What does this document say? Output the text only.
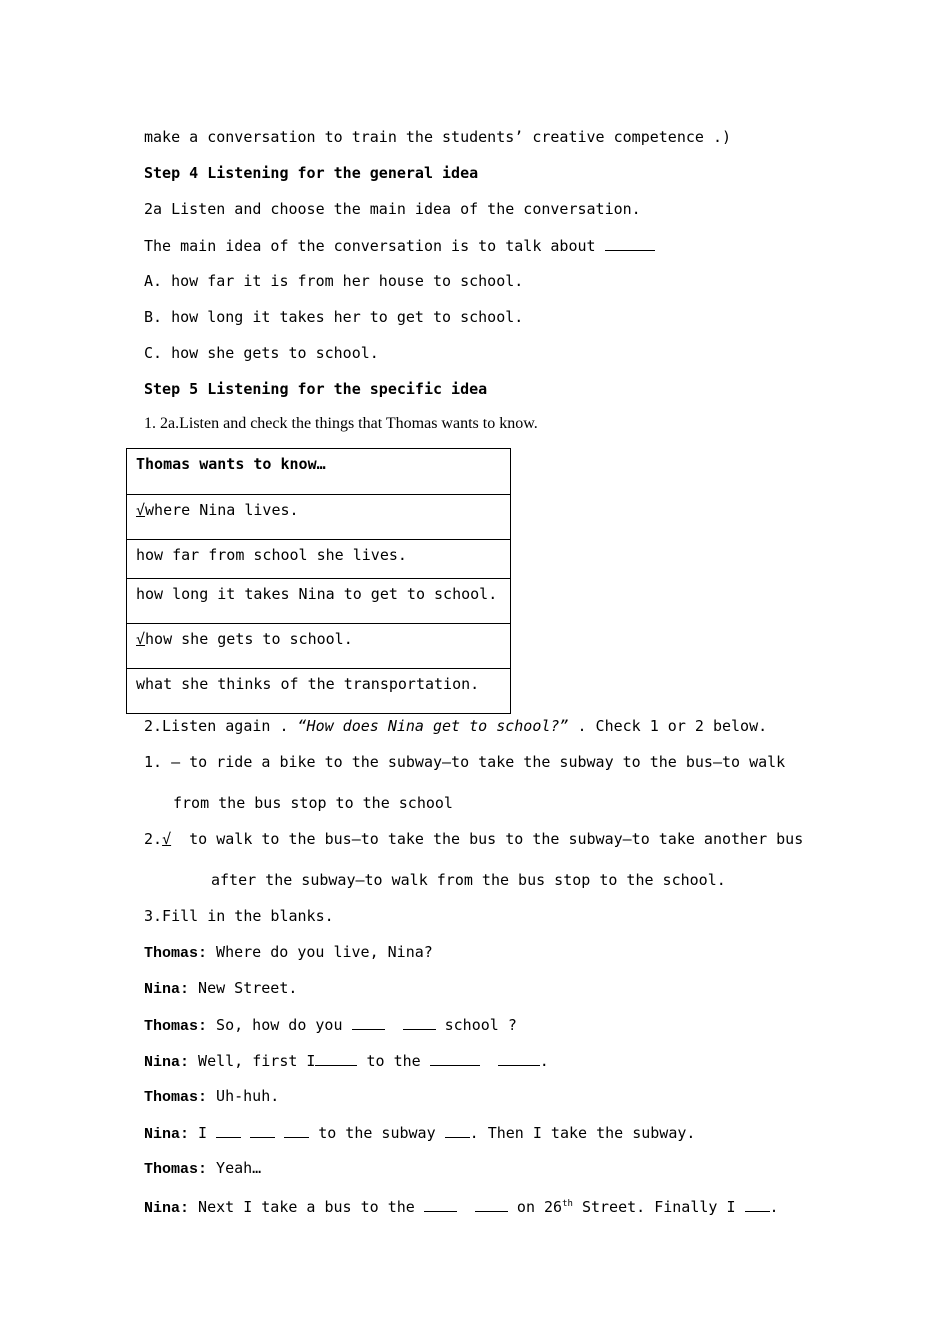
make a conversation to train the students’ creative competence .)
Step 4 Listening for the general idea
2a Listen and choose the main idea of the conversation.
The main idea of the conversation is to talk about
A. how far it is from her house to school.
B. how long it takes her to get to school.
C. how she gets to school.
Step 5 Listening for the specific idea
1. 2a.Listen and check the things that Thomas wants to know.
Thomas wants to know…

√where Nina lives.

how far from school she lives.

how long it takes Nina to get to school.

√how she gets to school.

what she thinks of the transportation.
2.Listen again . “How does Nina get to school?” . Check 1 or 2 below.
1. — to ride a bike to the subway—to take the subway to the bus—to walk
from the bus stop to the school
2.√ to walk to the bus—to take the bus to the subway—to take another bus
after the subway—to walk from the bus stop to the school.
3.Fill in the blanks.
Thomas: Where do you live, Nina?
Nina: New Street.
Thomas: So, how do you	school ?
Nina: Well, first I	to the	.
Thomas: Uh-huh.
Nina: I	to the subway . Then I take the subway.
Thomas: Yeah…
Nina: Next I take a bus to the	on 26th Street. Finally I .
